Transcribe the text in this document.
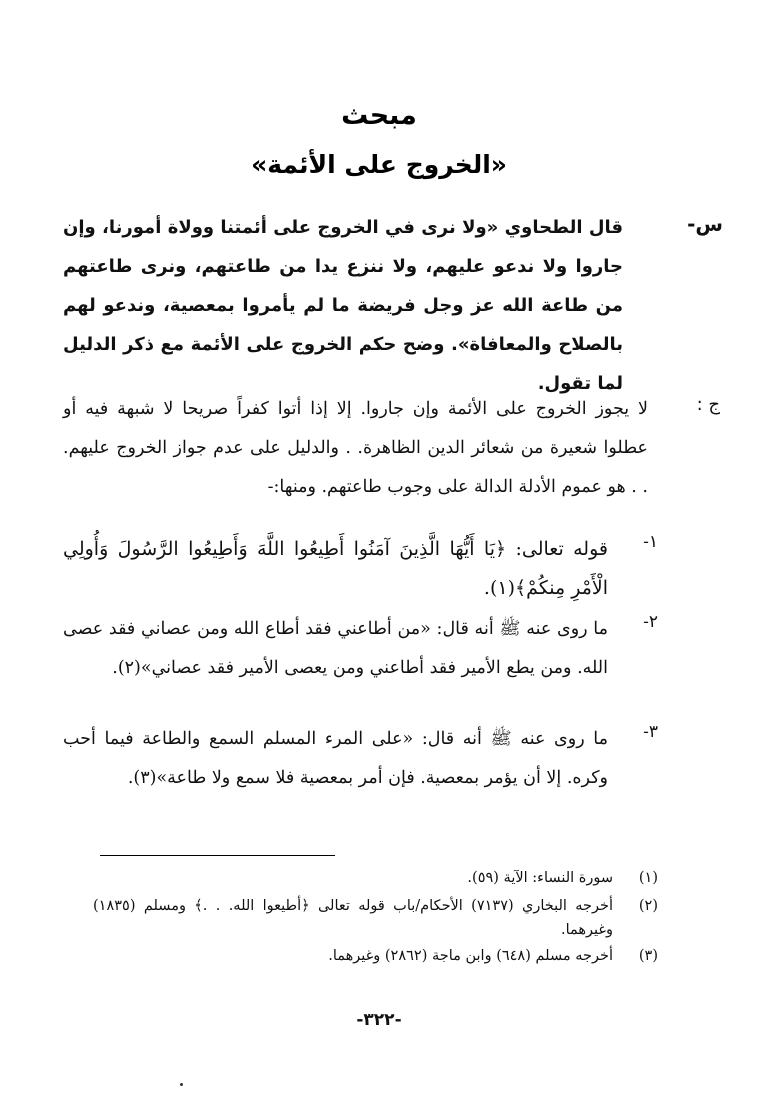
مبحث
«الخروج على الأئمة»
س-
قال الطحاوي «ولا نرى في الخروج على أئمتنا وولاة أمورنا، وإن جاروا ولا ندعو عليهم، ولا ننزع يدا من طاعتهم، ونرى طاعتهم من طاعة الله عز وجل فريضة ما لم يأمروا بمعصية، وندعو لهم بالصلاح والمعافاة». وضح حكم الخروج على الأئمة مع ذكر الدليل لما تقول.
ج :
لا يجوز الخروج على الأئمة وإن جاروا. إلا إذا أتوا كفراً صريحا لا شبهة فيه أو عطلوا شعيرة من شعائر الدين الظاهرة. . والدليل على عدم جواز الخروج عليهم. . . هو عموم الأدلة الدالة على وجوب طاعتهم. ومنها:-
١-
قوله تعالى: ﴿يَا أَيُّهَا الَّذِينَ آمَنُوا أَطِيعُوا اللَّهَ وَأَطِيعُوا الرَّسُولَ وَأُولِي الْأَمْرِ مِنكُمْ﴾(١).
٢-
ما روى عنه ﷺ أنه قال: «من أطاعني فقد أطاع الله ومن عصاني فقد عصى الله. ومن يطع الأمير فقد أطاعني ومن يعصى الأمير فقد عصاني»(٢).
٣-
ما روى عنه ﷺ أنه قال: «على المرء المسلم السمع والطاعة فيما أحب وكره. إلا أن يؤمر بمعصية. فإن أمر بمعصية فلا سمع ولا طاعة»(٣).
(١)
سورة النساء: الآية (٥٩).
(٢)
أخرجه البخاري (٧١٣٧) الأحكام/باب قوله تعالى ﴿أطيعوا الله. . .﴾ ومسلم (١٨٣٥) وغيرهما.
(٣)
أخرجه مسلم (٦٤٨) وابن ماجة (٢٨٦٢) وغيرهما.
-٣٢٢-
